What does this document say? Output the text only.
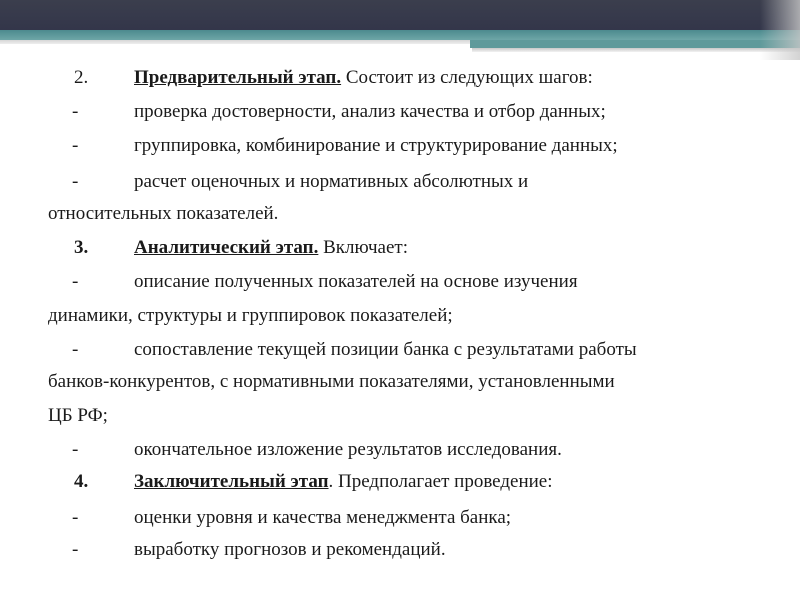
2. Предварительный этап. Состоит из следующих шагов:
-	проверка достоверности, анализ качества и отбор данных;
-	группировка, комбинирование и структурирование данных;
-	расчет оценочных и нормативных абсолютных и
относительных показателей.
3. Аналитический этап. Включает:
-	описание полученных показателей на основе изучения
динамики, структуры и группировок показателей;
-	сопоставление текущей позиции банка с результатами работы
банков-конкурентов, с нормативными показателями, установленными
ЦБ РФ;
-	окончательное изложение результатов исследования.
4. Заключительный этап. Предполагает проведение:
-	оценки уровня и качества менеджмента банка;
-	выработку прогнозов и рекомендаций.
